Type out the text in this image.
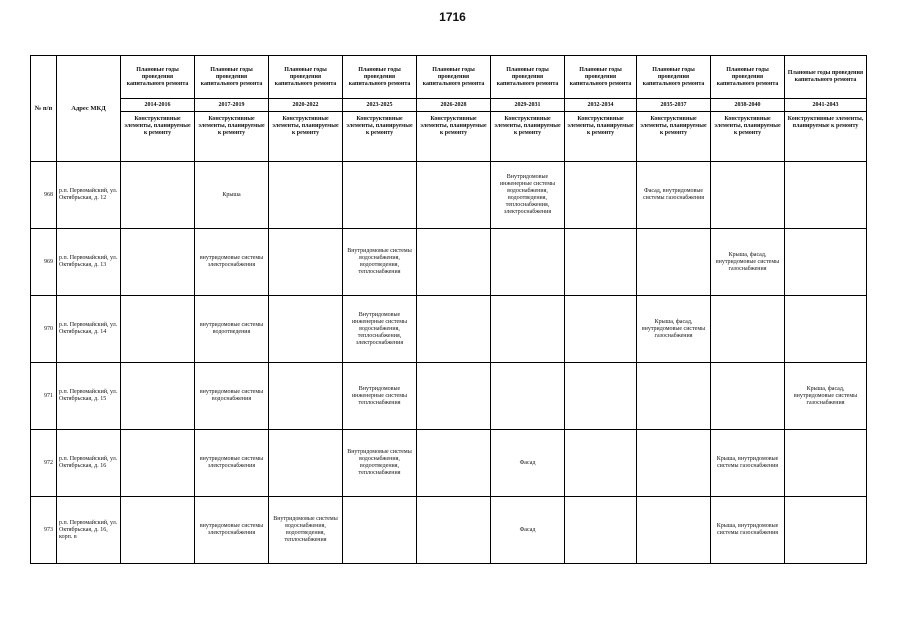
1716
№ п/п	Адрес МКД	Плановые годы проведения капитального ремонта	Плановые годы проведения капитального ремонта	Плановые годы проведения капитального ремонта	Плановые годы проведения капитального ремонта	Плановые годы проведения капитального ремонта	Плановые годы проведения капитального ремонта	Плановые годы проведения капитального ремонта	Плановые годы проведения капитального ремонта	Плановые годы проведения капитального ремонта	Плановые годы проведения капитального ремонта
		2014-2016	2017-2019	2020-2022	2023-2025	2026-2028	2029-2031	2032-2034	2035-2037	2038-2040	2041-2043
		Конструктивные элементы, планируемые к ремонту	Конструктивные элементы, планируемые к ремонту	Конструктивные элементы, планируемые к ремонту	Конструктивные элементы, планируемые к ремонту	Конструктивные элементы, планируемые к ремонту	Конструктивные элементы, планируемые к ремонту	Конструктивные элементы, планируемые к ремонту	Конструктивные элементы, планируемые к ремонту	Конструктивные элементы, планируемые к ремонту	Конструктивные элементы, планируемые к ремонту
968	р.п. Первомайский, ул. Октябрьская, д. 12		Крыша				Внутридомовые инженерные системы водоснабжения, водоотведения, теплоснабжения, электроснабжения		Фасад, внутридомовые системы газоснабжения		
969	р.п. Первомайский, ул. Октябрьская, д. 13		внутридомовые системы электроснабжения		Внутридомовые системы водоснабжения, водоотведения, теплоснабжения					Крыша, фасад, внутридомовые системы газоснабжения	
970	р.п. Первомайский, ул. Октябрьская, д. 14		внутридомовые системы водоотведения		Внутридомовые инженерные системы водоснабжения, теплоснабжения, электроснабжения				Крыша, фасад, внутридомовые системы газоснабжения		
971	р.п. Первомайский, ул. Октябрьская, д. 15		внутридомовые системы водоснабжения		Внутридомовые инженерные системы теплоснабжения						Крыша, фасад, внутридомовые системы газоснабжения
972	р.п. Первомайский, ул. Октябрьская, д. 16		внутридомовые системы электроснабжения		Внутридомовые системы водоснабжения, водоотведения, теплоснабжения		Фасад			Крыша, внутридомовые системы газоснабжения	
973	р.п. Первомайский, ул. Октябрьская, д. 16, корп. в		внутридомовые системы электроснабжения	Внутридомовые системы водоснабжения, водоотведения, теплоснабжения			Фасад			Крыша, внутридомовые системы газоснабжения	
